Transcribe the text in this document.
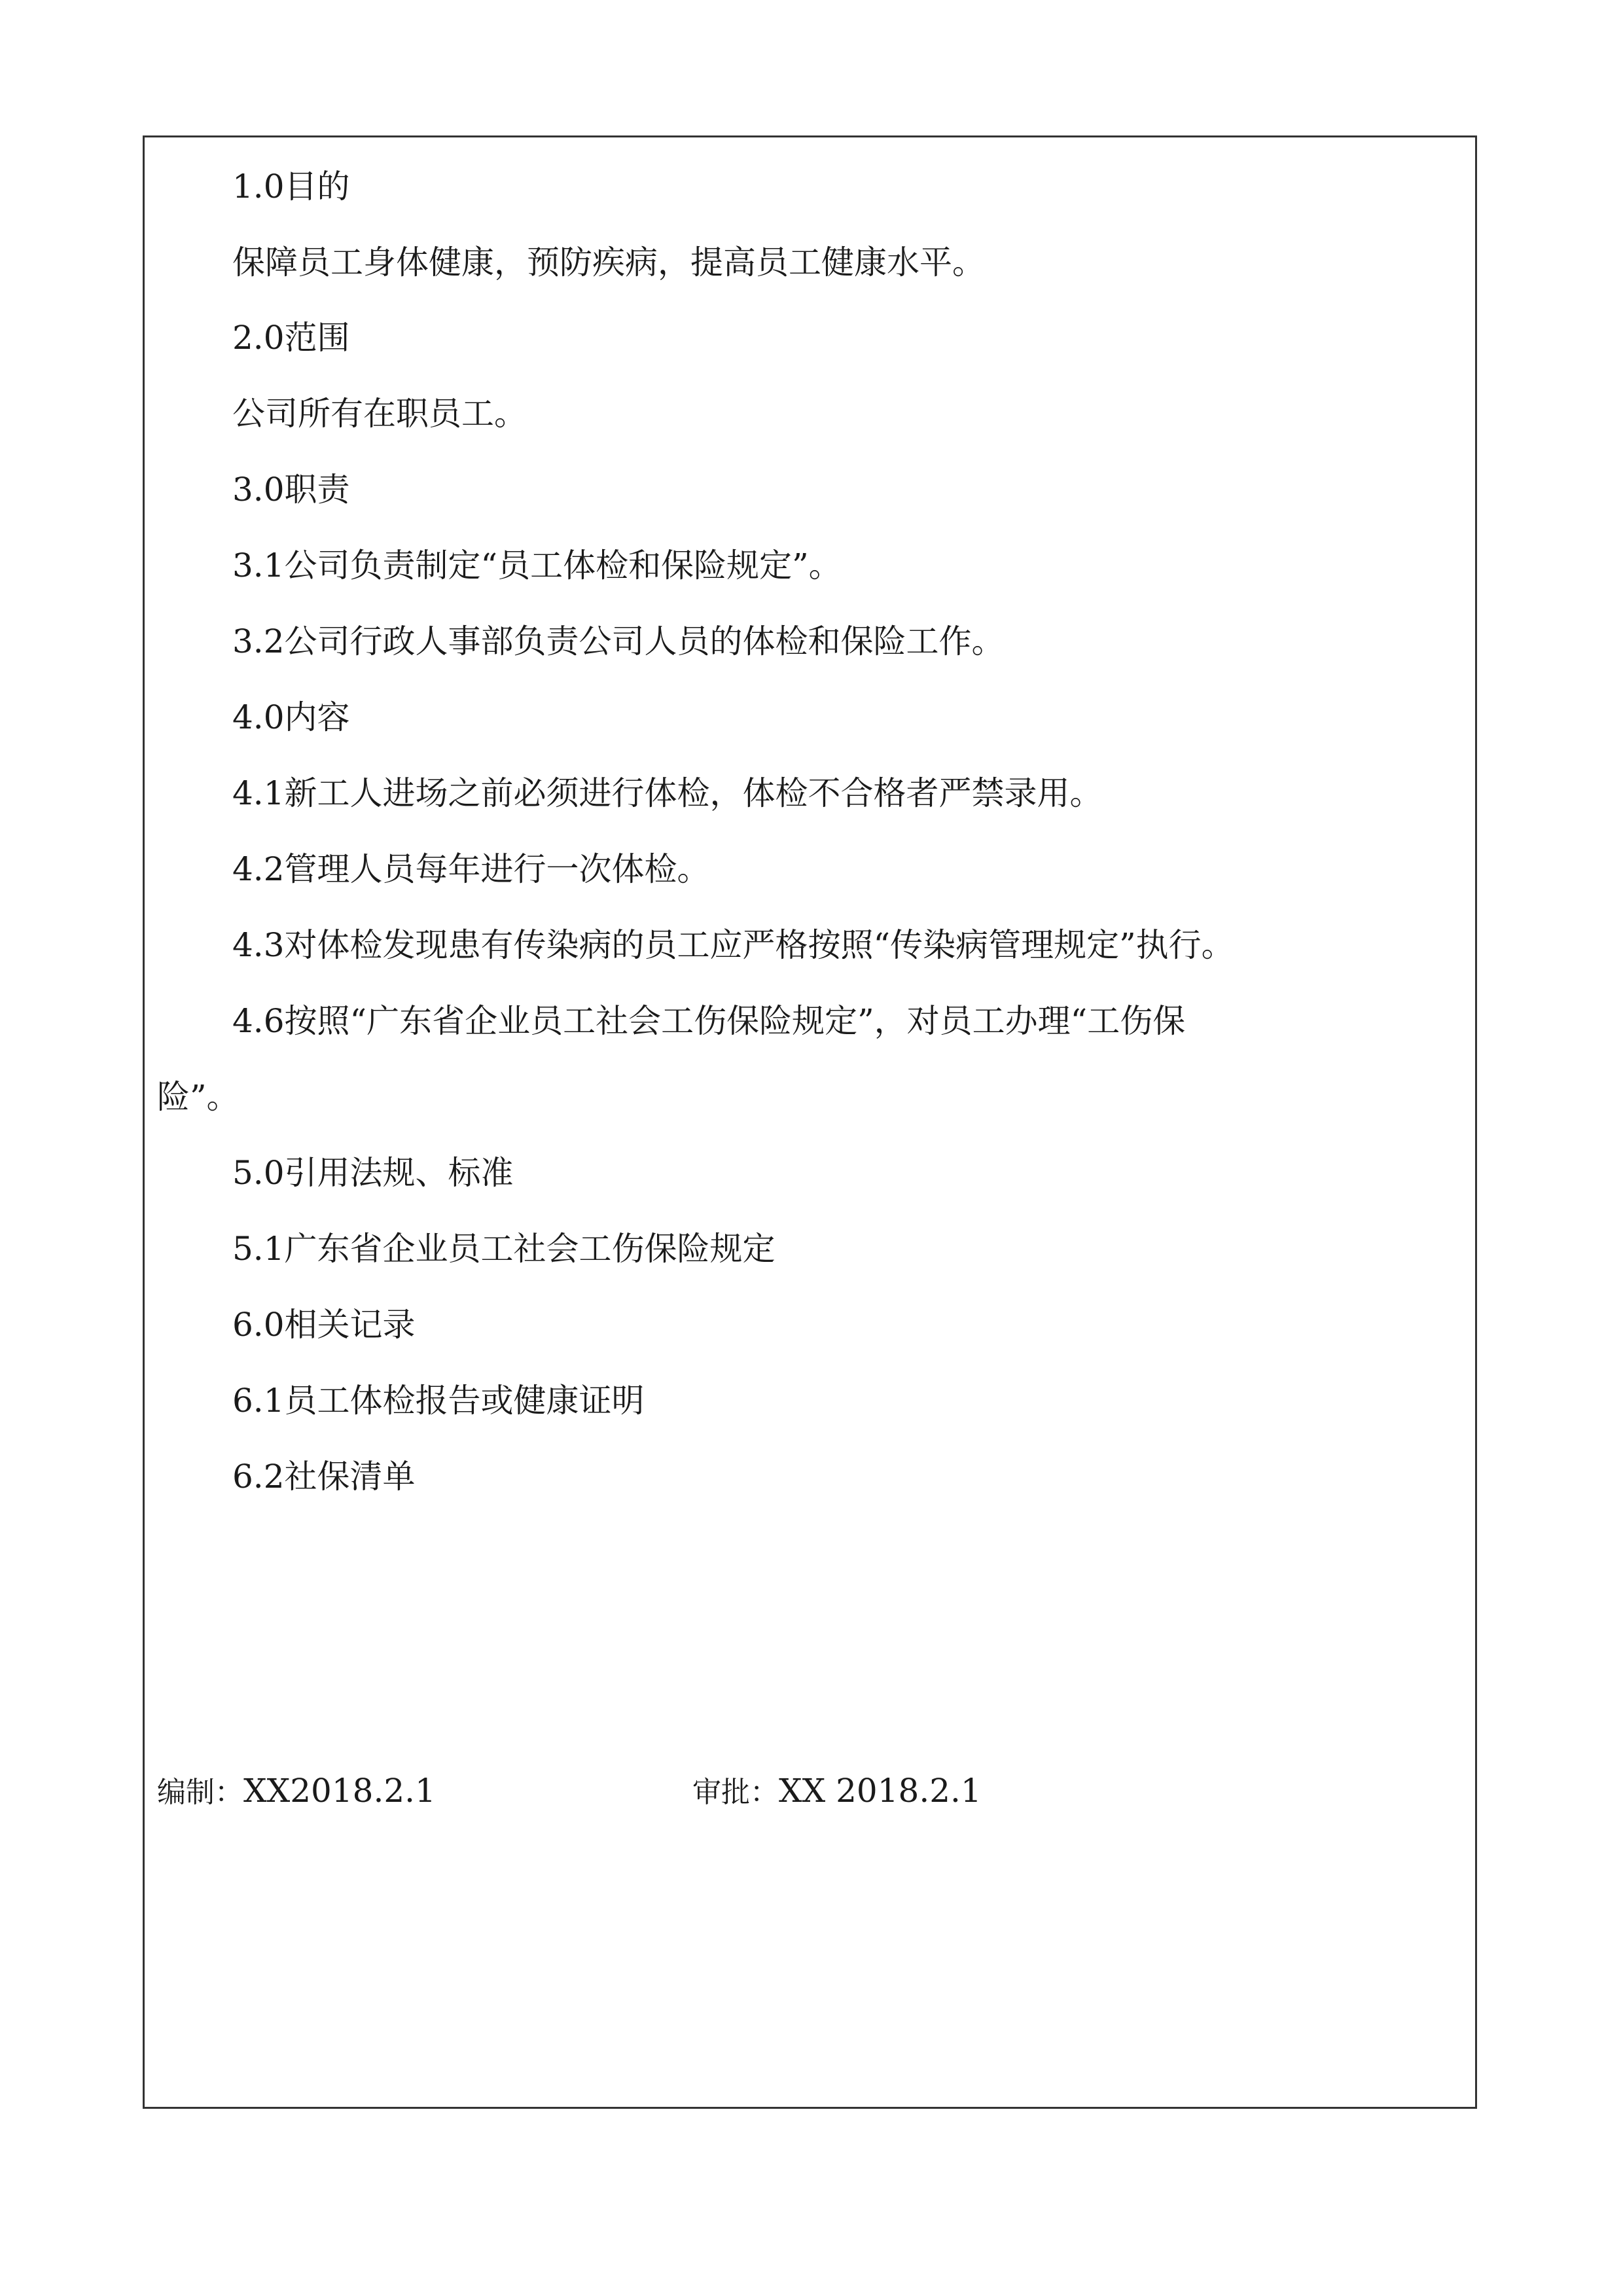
1.0目的
保障员工身体健康，预防疾病，提高员工健康水平。
2.0范围
公司所有在职员工。
3.0职责
3.1公司负责制定“员工体检和保险规定”。
3.2公司行政人事部负责公司人员的体检和保险工作。
4.0内容
4.1新工人进场之前必须进行体检，体检不合格者严禁录用。
4.2管理人员每年进行一次体检。
4.3对体检发现患有传染病的员工应严格按照“传染病管理规定”执行。
4.6按照“广东省企业员工社会工伤保险规定”，对员工办理“工伤保
险”。
5.0引用法规、标准
5.1广东省企业员工社会工伤保险规定
6.0相关记录
6.1员工体检报告或健康证明
6.2社保清单
编制：XX2018.2.1	审批：XX 2018.2.1
